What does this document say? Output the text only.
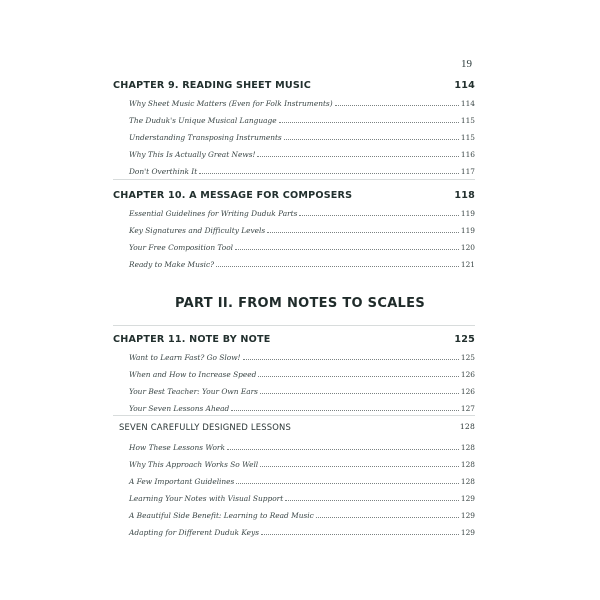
19
CHAPTER 9. READING SHEET MUSIC	114
Why Sheet Music Matters (Even for Folk Instruments)	114
The Duduk's Unique Musical Language	115
Understanding Transposing Instruments	115
Why This Is Actually Great News!	116
Don't Overthink It	117
CHAPTER 10. A MESSAGE FOR COMPOSERS	118
Essential Guidelines for Writing Duduk Parts	119
Key Signatures and Difficulty Levels	119
Your Free Composition Tool	120
Ready to Make Music?	121
PART II. FROM NOTES TO SCALES
CHAPTER 11. NOTE BY NOTE	125
Want to Learn Fast? Go Slow!	125
When and How to Increase Speed	126
Your Best Teacher: Your Own Ears	126
Your Seven Lessons Ahead	127
SEVEN CAREFULLY DESIGNED LESSONS	128
How These Lessons Work	128
Why This Approach Works So Well	128
A Few Important Guidelines	128
Learning Your Notes with Visual Support	129
A Beautiful Side Benefit: Learning to Read Music	129
Adapting for Different Duduk Keys	129
